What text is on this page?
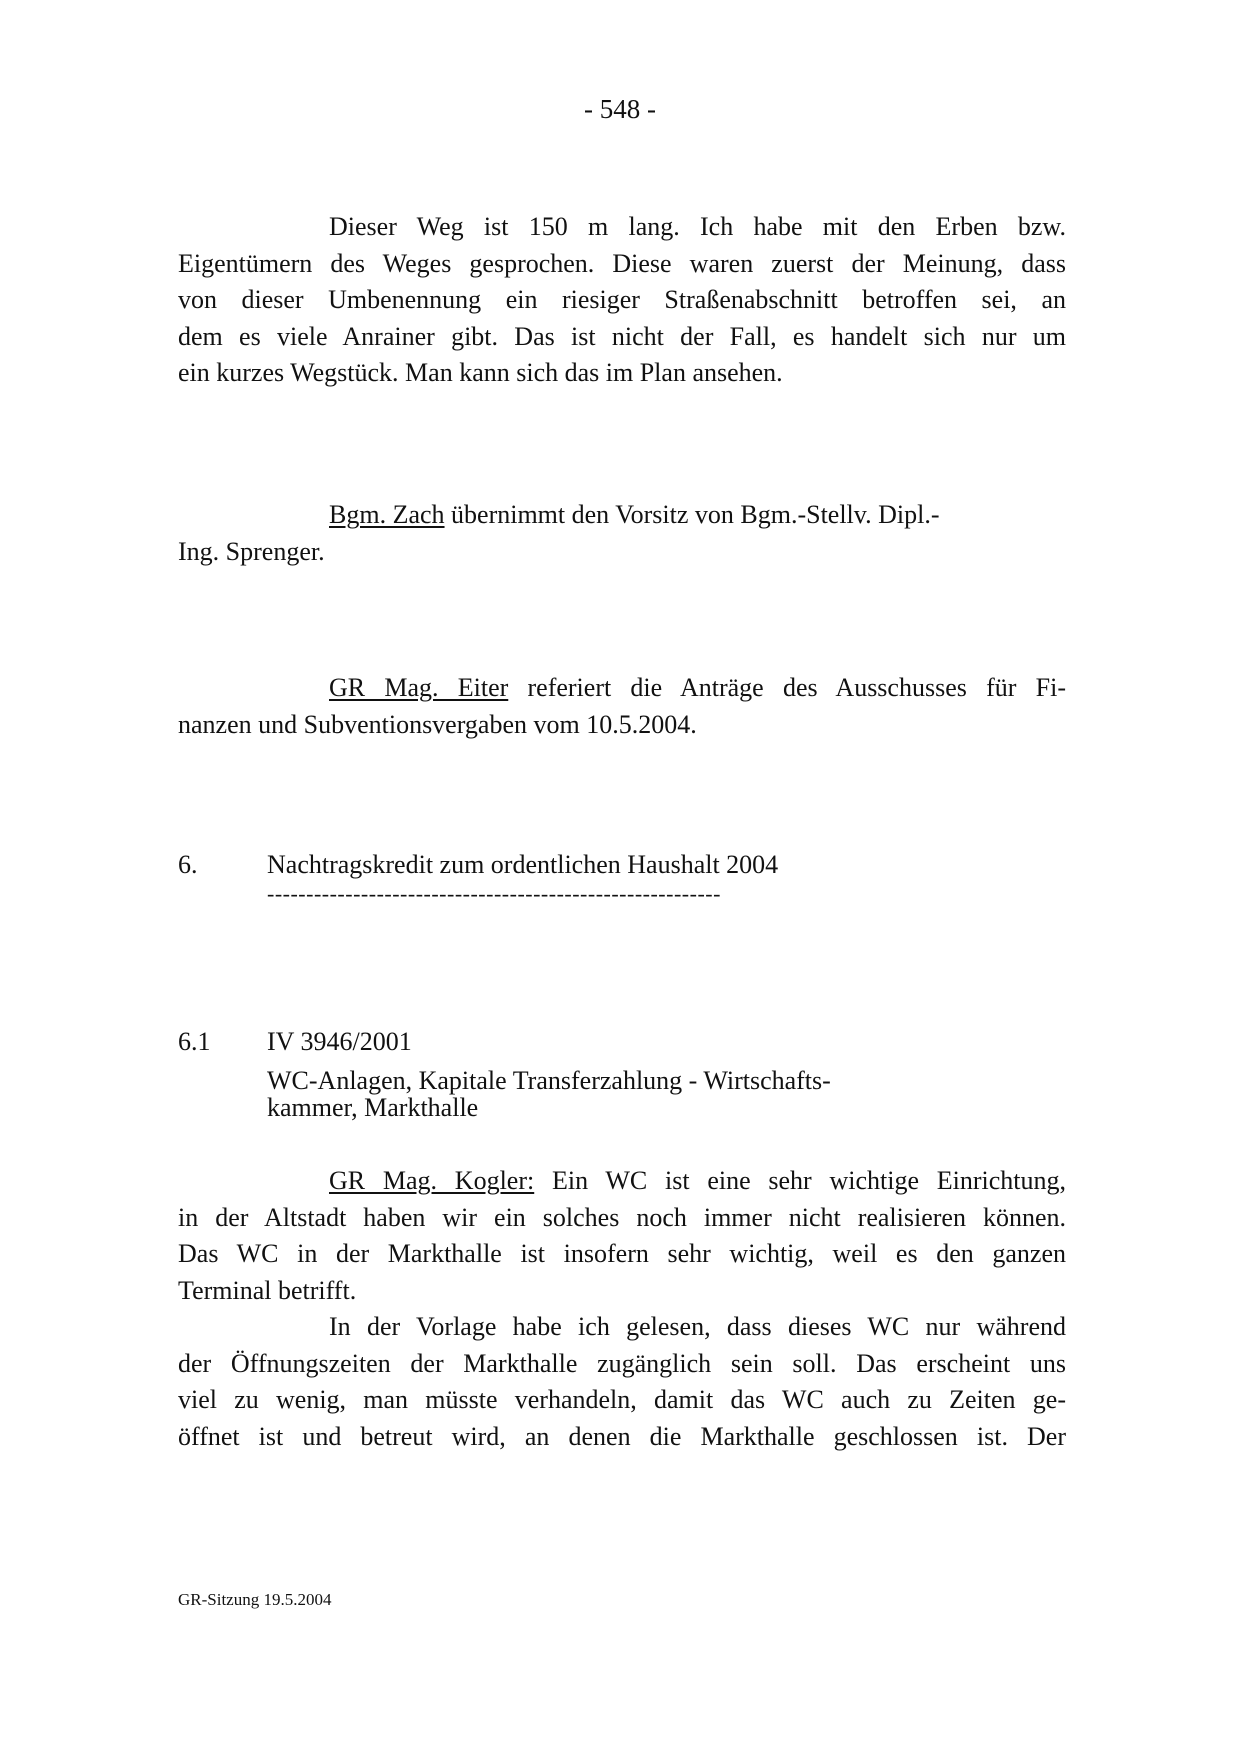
- 548 -
Dieser Weg ist 150 m lang. Ich habe mit den Erben bzw.
Eigentümern des Weges gesprochen. Diese waren zuerst der Meinung, dass
von dieser Umbenennung ein riesiger Straßenabschnitt betroffen sei, an
dem es viele Anrainer gibt. Das ist nicht der Fall, es handelt sich nur um
ein kurzes Wegstück. Man kann sich das im Plan ansehen.
Bgm. Zach übernimmt den Vorsitz von Bgm.-Stellv. Dipl.-
Ing. Sprenger.
GR Mag. Eiter referiert die Anträge des Ausschusses für Fi-
nanzen und Subventionsvergaben vom 10.5.2004.
6.	Nachtragskredit zum ordentlichen Haushalt 2004
----------------------------------------------------------
6.1 IV 3946/2001
WC-Anlagen, Kapitale Transferzahlung - Wirtschafts-
kammer, Markthalle
GR Mag. Kogler: Ein WC ist eine sehr wichtige Einrichtung,
in der Altstadt haben wir ein solches noch immer nicht realisieren können.
Das WC in der Markthalle ist insofern sehr wichtig, weil es den ganzen
Terminal betrifft.
In der Vorlage habe ich gelesen, dass dieses WC nur während
der Öffnungszeiten der Markthalle zugänglich sein soll. Das erscheint uns
viel zu wenig, man müsste verhandeln, damit das WC auch zu Zeiten ge-
öffnet ist und betreut wird, an denen die Markthalle geschlossen ist. Der
GR-Sitzung 19.5.2004
